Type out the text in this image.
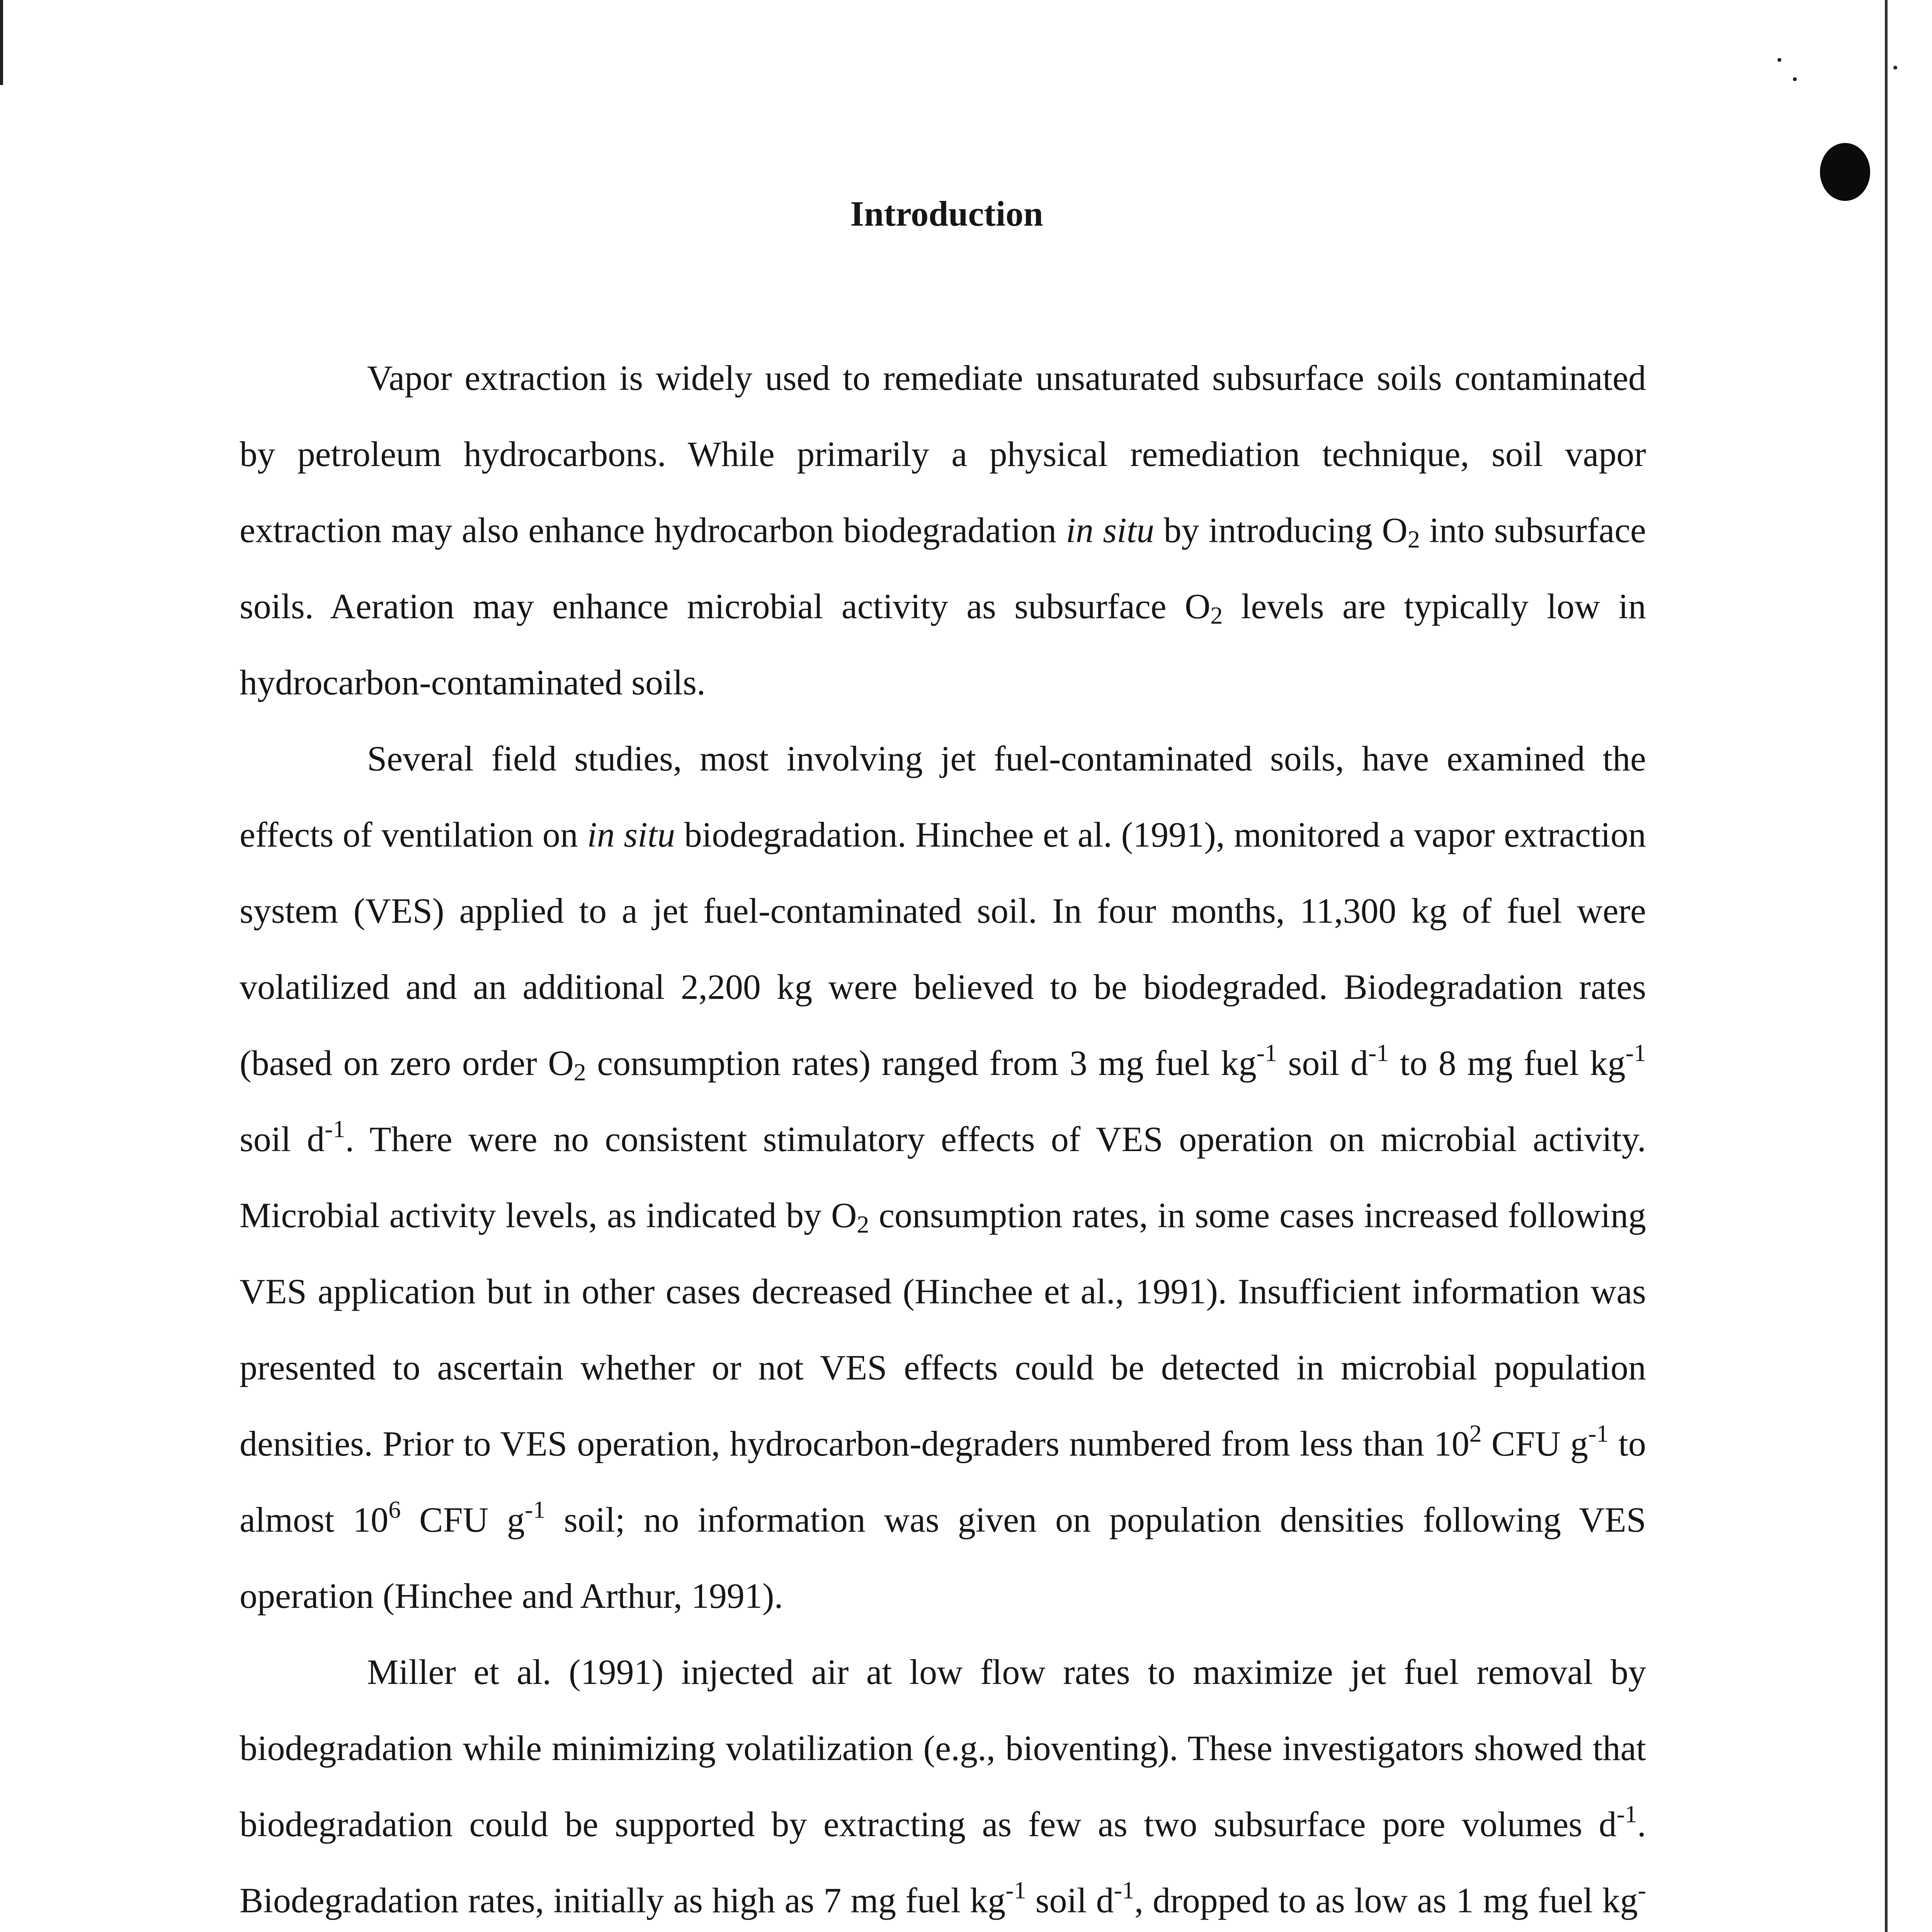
Introduction

Vapor extraction is widely used to remediate unsaturated subsurface soils contaminated by petroleum hydrocarbons. While primarily a physical remediation technique, soil vapor extraction may also enhance hydrocarbon biodegradation in situ by introducing $O_2$ into subsurface soils. Aeration may enhance microbial activity as subsurface $O_2$ levels are typically low in hydrocarbon-contaminated soils.

Several field studies, most involving jet fuel-contaminated soils, have examined the effects of ventilation on in situ biodegradation. Hinchee et al. (1991), monitored a vapor extraction system (VES) applied to a jet fuel-contaminated soil. In four months, 11,300 kg of fuel were volatilized and an additional 2,200 kg were believed to be biodegraded. Biodegradation rates (based on zero order $O_2$ consumption rates) ranged from 3 mg fuel $kg^{-1}$ soil $d^{-1}$ to 8 mg fuel $kg^{-1}$ soil $d^{-1}$. There were no consistent stimulatory effects of VES operation on microbial activity. Microbial activity levels, as indicated by $O_2$ consumption rates, in some cases increased following VES application but in other cases decreased (Hinchee et al., 1991). Insufficient information was presented to ascertain whether or not VES effects could be detected in microbial population densities. Prior to VES operation, hydrocarbon-degraders numbered from less than $10^2$ CFU $g^{-1}$ to almost $10^6$ CFU $g^{-1}$ soil; no information was given on population densities following VES operation (Hinchee and Arthur, 1991).

Miller et al. (1991) injected air at low flow rates to maximize jet fuel removal by biodegradation while minimizing volatilization (e.g., bioventing). These investigators showed that biodegradation could be supported by extracting as few as two subsurface pore volumes $d^{-1}$. Biodegradation rates, initially as high as 7 mg fuel $kg^{-1}$ soil $d^{-1}$, dropped to as low as 1 mg fuel kg-
